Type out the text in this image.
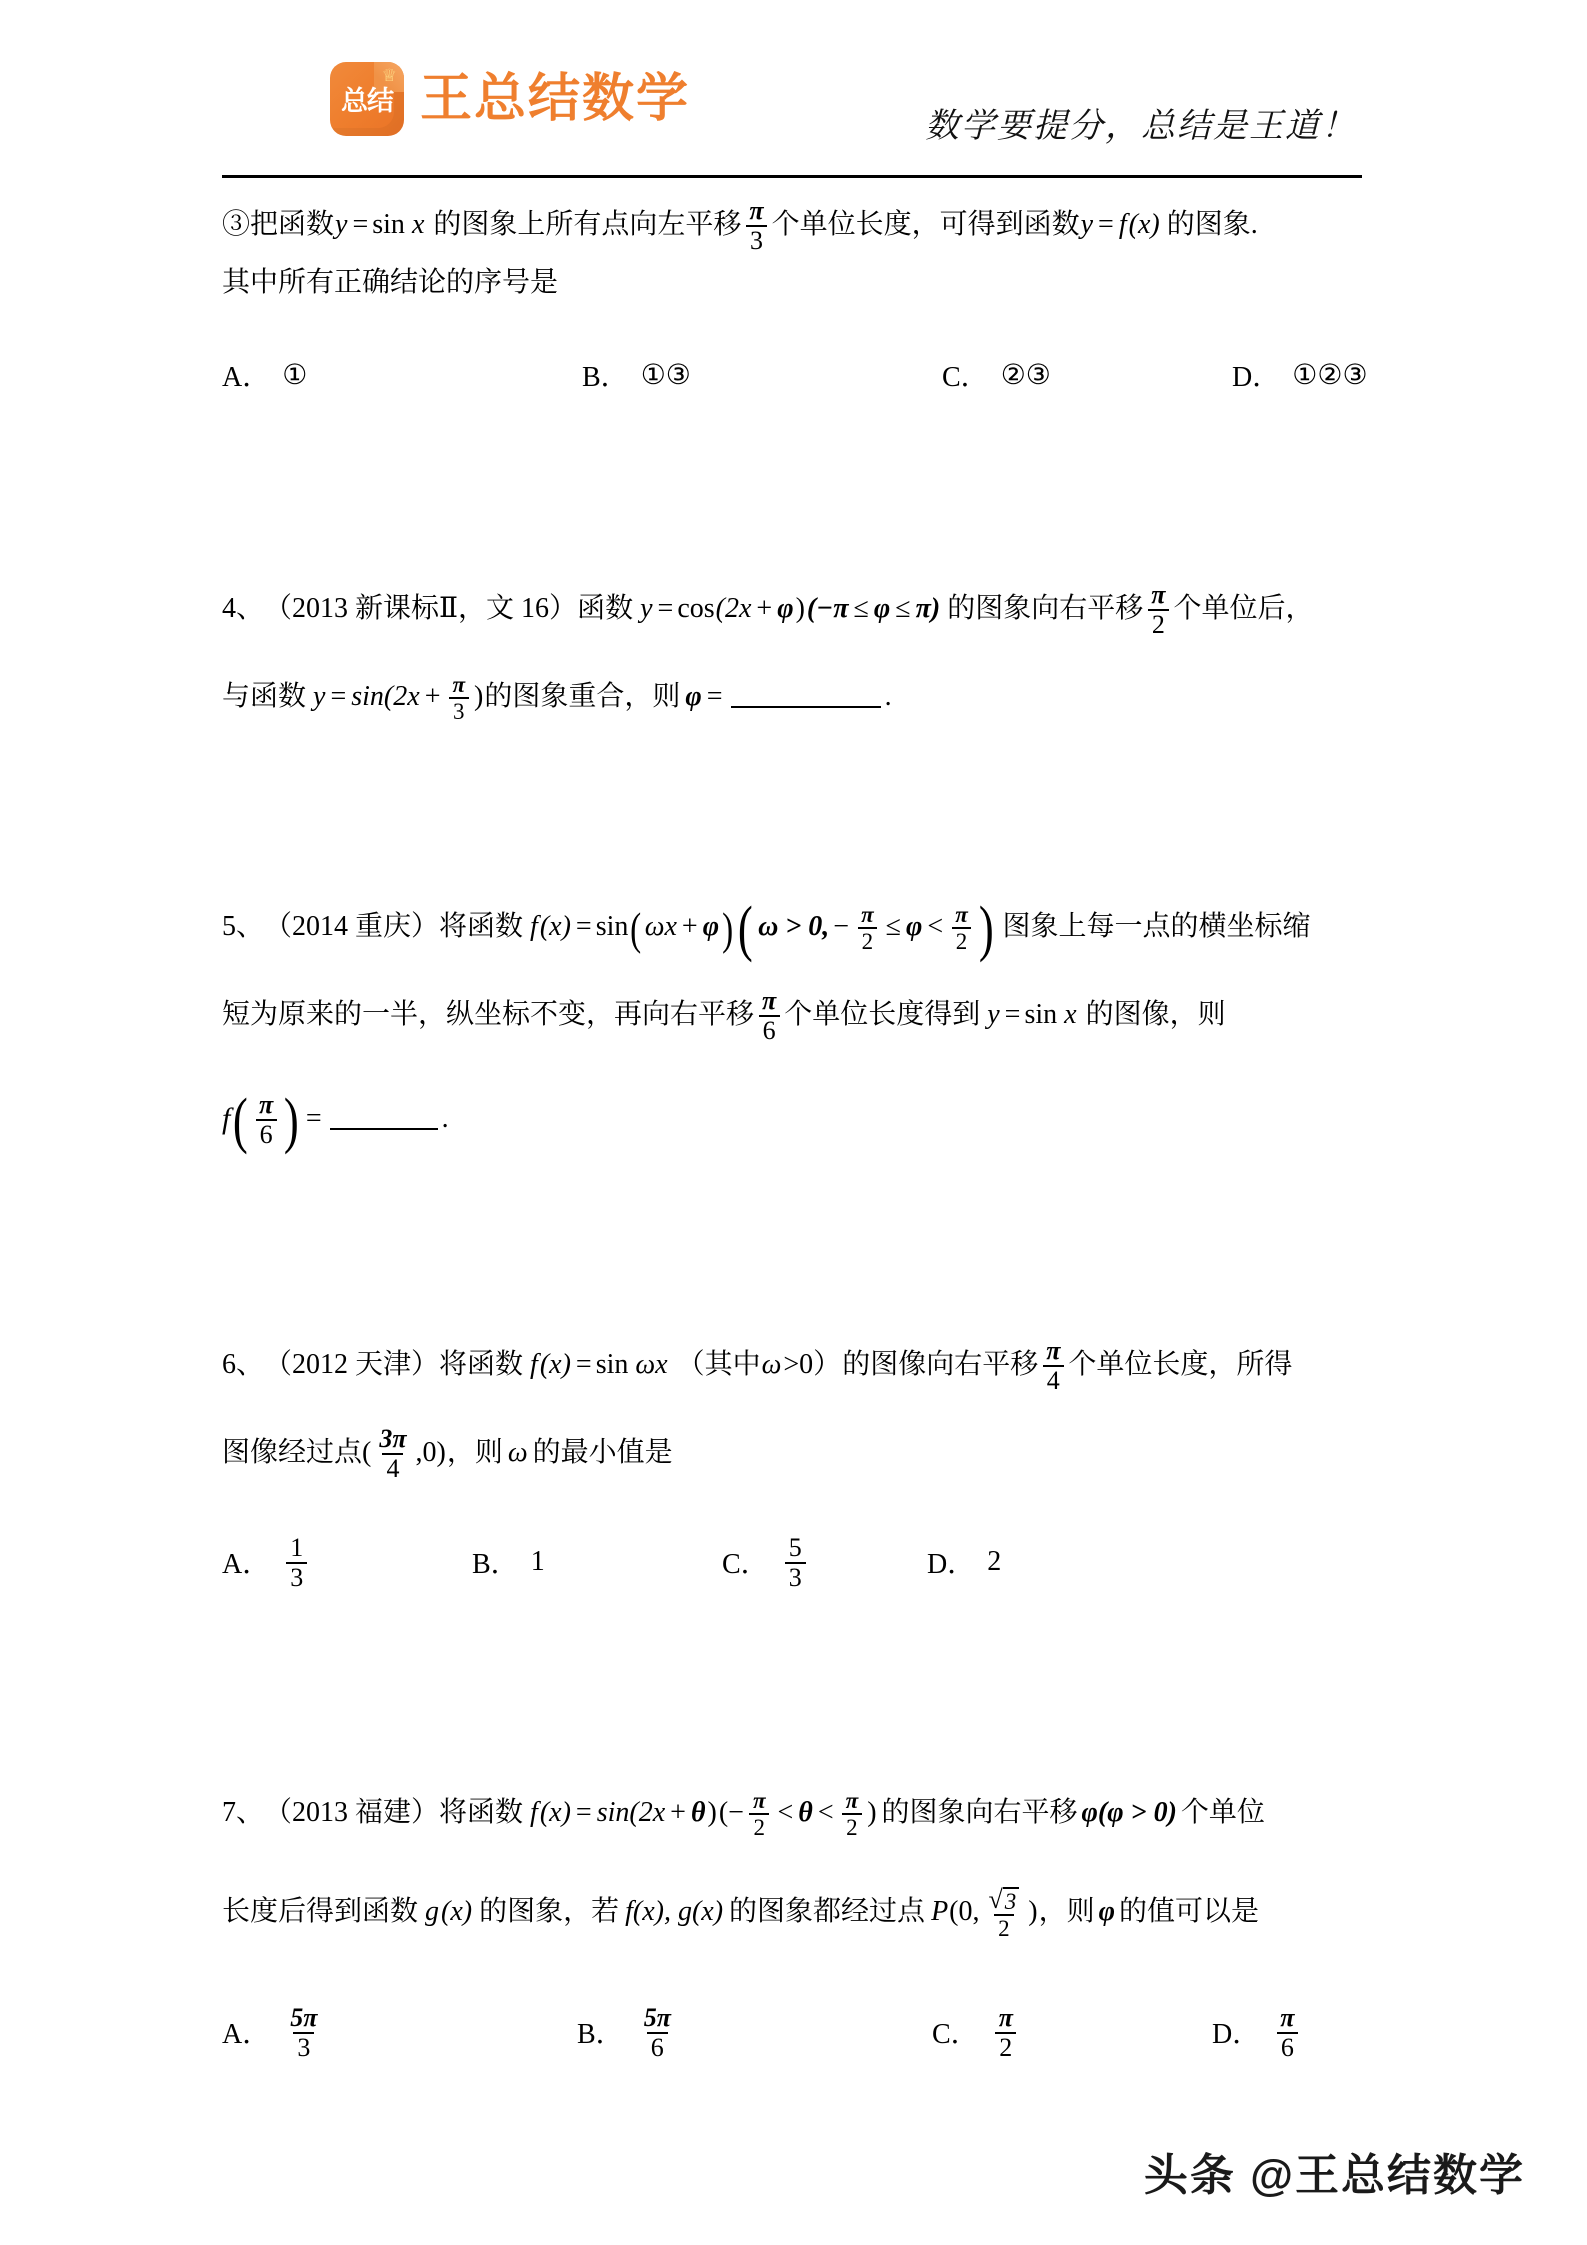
♕
总结 王总结数学	数学要提分，总结是王道！
③把函数 y = sin x 的图象上所有点向左平移 $\frac{\pi}{3}$ 个单位长度，可得到函数 y = f (x) 的图象.
其中所有正确结论的序号是
A． ①	B． ①③	C． ②③	D． ①②③
4、 （2013 新课标Ⅱ，文 16） 函数 y = cos (2x + φ ) (−π ≤ φ ≤ π) 的图象向右平移 $\frac{\pi}{2}$ 个单位后，
与函数 $y = \sin(2x + \frac{\pi}{3}$ ) 的图象重合，则 φ =	.
5、 （2014 重庆） 将函数 f (x) = sin ( ωx + φ ) ( ω > 0, − $\frac{\pi}{2} \le \varphi < \frac{\pi}{2}$ ) 图象上每一点的横坐标缩
短为原来的一半，纵坐标不变，再向右平移 $\frac{\pi}{6}$ 个单位长度得到 y = sin x 的图像，则
f ( $\frac{\pi}{6}$ ) =	.
6、 （2012 天津） 将函数 f (x) = sin ωx （其中 ω >0） 的图像向右平移 $\frac{\pi}{4}$ 个单位长度，所得
图像经过点 ( $\frac{3\pi}{4} ,0$) ，则 ω 的最小值是
A． $\frac{1}{3}$	B． 1	C． $\frac{5}{3}$	D． 2
7、 （2013 福建） 将函数 f (x) = sin(2x + θ ) (− $\frac{\pi}{2} < \theta < \frac{\pi}{2}$ ) 的图象向右平移 φ(φ > 0) 个单位
长度后得到函数 g (x) 的图象，若 f(x), g(x) 的图象都经过点 P (0, $\frac{√ 3}{2}$ ) ，则 φ 的值可以是
A． $\frac{5\pi}{3}$	B． $\frac{5\pi}{6}$	C． $\frac{\pi}{2}$	D． $\frac{\pi}{6}$
头条 @王总结数学
